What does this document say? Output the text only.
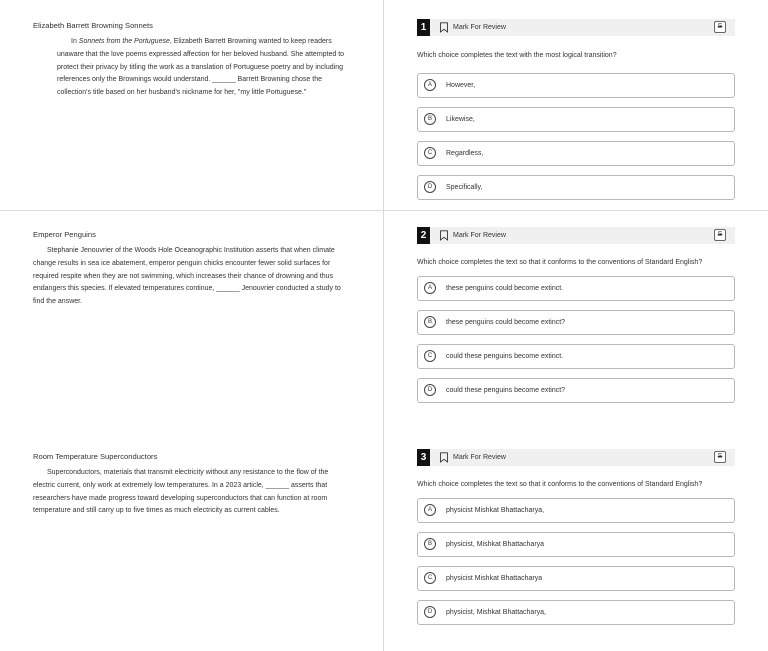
Elizabeth Barrett Browning Sonnets

In Sonnets from the Portuguese, Elizabeth Barrett Browning wanted to keep readers unaware that the love poems expressed affection for her beloved husband. She attempted to protect their privacy by titling the work as a translation of Portuguese poetry and by including references only the Brownings would understand. ______ Barrett Browning chose the collection's title based on her husband's nickname for her, "my little Portuguese."

1	Mark For Review	S

Which choice completes the text with the most logical transition?

A	However,
B	Likewise,
C	Regardless,
D	Specifically,

Emperor Penguins

Stephanie Jenouvrier of the Woods Hole Oceanographic Institution asserts that when climate change results in sea ice abatement, emperor penguin chicks encounter fewer solid surfaces for required respite when they are not swimming, which increases their chance of drowning and thus endangers this species. If elevated temperatures continue, ______ Jenouvrier conducted a study to find the answer.

2	Mark For Review	S

Which choice completes the text so that it conforms to the conventions of Standard English?

A	these penguins could become extinct.
B	these penguins could become extinct?
C	could these penguins become extinct.
D	could these penguins become extinct?

Room Temperature Superconductors

Superconductors, materials that transmit electricity without any resistance to the flow of the electric current, only work at extremely low temperatures. In a 2023 article, ______ asserts that researchers have made progress toward developing superconductors that can function at room temperature and still carry up to five times as much electricity as current cables.

3	Mark For Review	S

Which choice completes the text so that it conforms to the conventions of Standard English?

A	physicist Mishkat Bhattacharya,
B	physicist, Mishkat Bhattacharya
C	physicist Mishkat Bhattacharya
D	physicist, Mishkat Bhattacharya,
